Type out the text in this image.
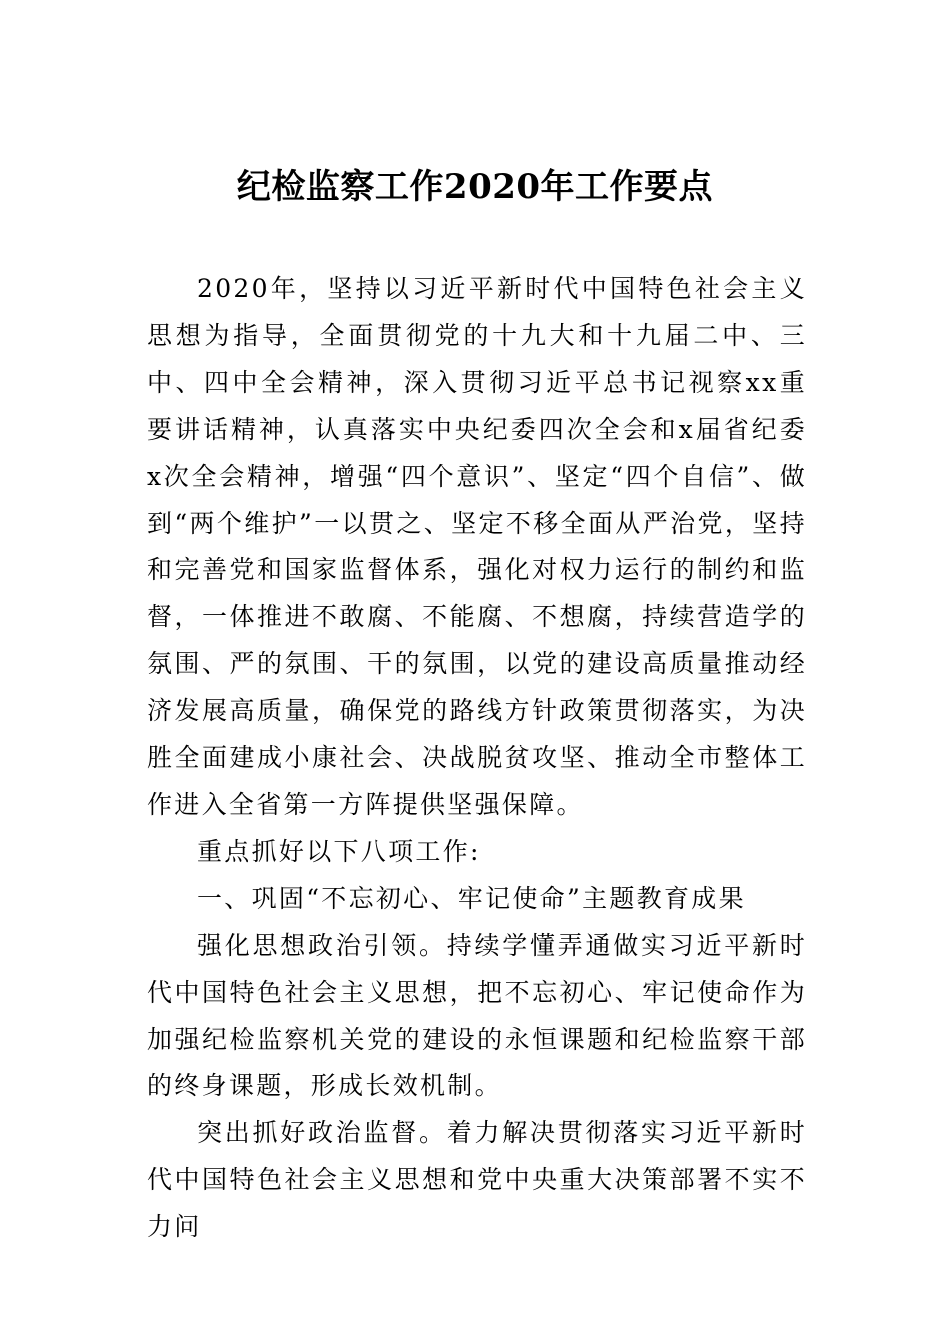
纪检监察工作2020年工作要点

2020年，坚持以习近平新时代中国特色社会主义思想为指导，全面贯彻党的十九大和十九届二中、三中、四中全会精神，深入贯彻习近平总书记视察xx重要讲话精神，认真落实中央纪委四次全会和x届省纪委x次全会精神，增强“四个意识”、坚定“四个自信”、做到“两个维护”一以贯之、坚定不移全面从严治党，坚持和完善党和国家监督体系，强化对权力运行的制约和监督，一体推进不敢腐、不能腐、不想腐，持续营造学的氛围、严的氛围、干的氛围，以党的建设高质量推动经济发展高质量，确保党的路线方针政策贯彻落实，为决胜全面建成小康社会、决战脱贫攻坚、推动全市整体工作进入全省第一方阵提供坚强保障。

重点抓好以下八项工作:

一、巩固“不忘初心、牢记使命”主题教育成果

强化思想政治引领。持续学懂弄通做实习近平新时代中国特色社会主义思想，把不忘初心、牢记使命作为加强纪检监察机关党的建设的永恒课题和纪检监察干部的终身课题，形成长效机制。

突出抓好政治监督。着力解决贯彻落实习近平新时代中国特色社会主义思想和党中央重大决策部署不实不力问
